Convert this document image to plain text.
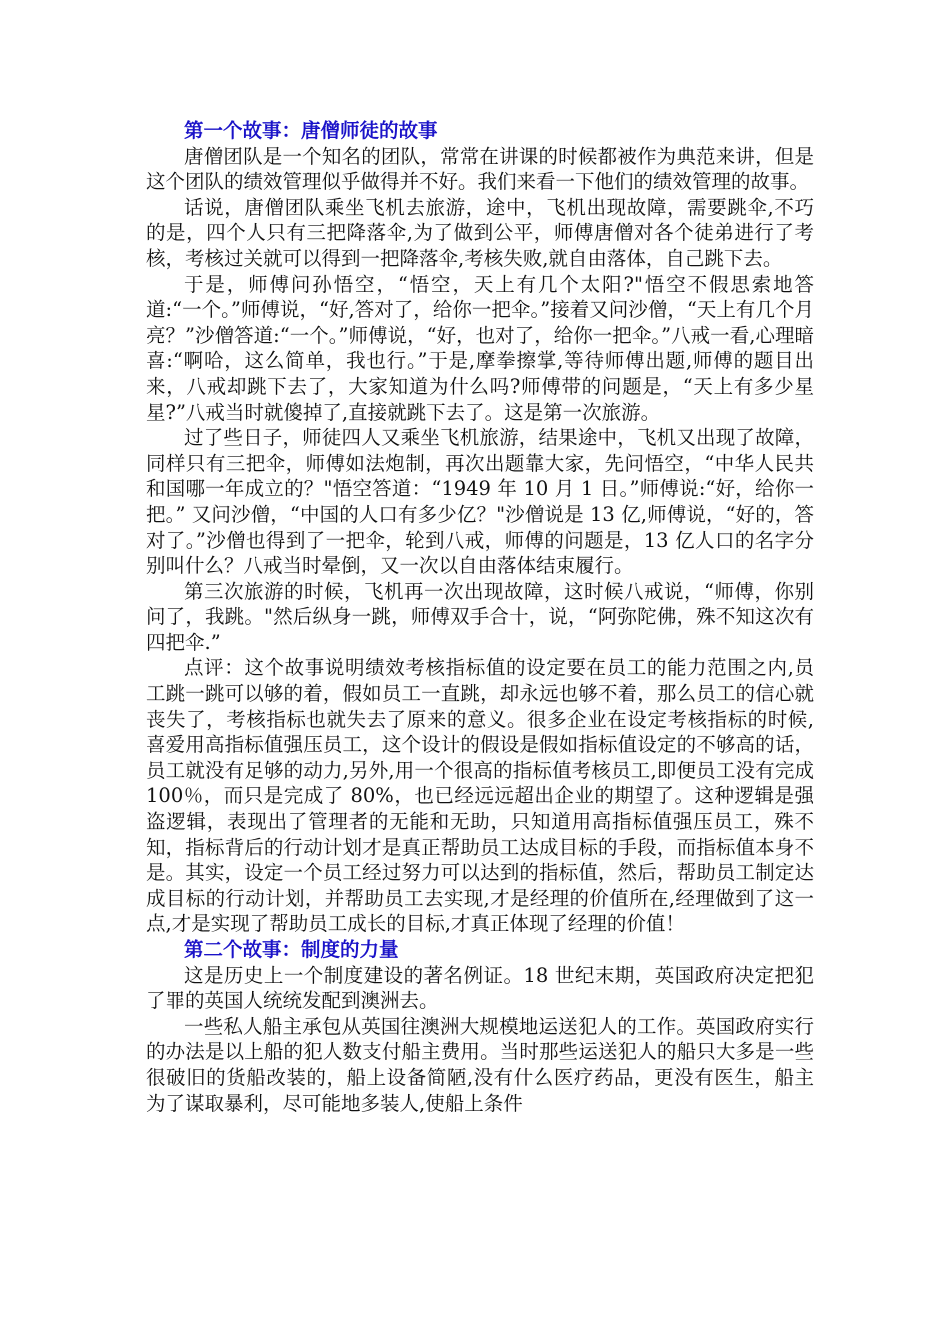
第一个故事：唐僧师徒的故事

唐僧团队是一个知名的团队，常常在讲课的时候都被作为典范来讲，但是这个团队的绩效管理似乎做得并不好。我们来看一下他们的绩效管理的故事。

话说，唐僧团队乘坐飞机去旅游，途中，飞机出现故障，需要跳伞,不巧的是，四个人只有三把降落伞,为了做到公平，师傅唐僧对各个徒弟进行了考核，考核过关就可以得到一把降落伞,考核失败,就自由落体，自己跳下去。

于是，师傅问孙悟空，“悟空，天上有几个太阳?"悟空不假思索地答道:“一个。”师傅说，“好,答对了，给你一把伞。”接着又问沙僧，“天上有几个月亮？”沙僧答道:“一个。”师傅说，“好，也对了，给你一把伞。”八戒一看,心理暗喜:“啊哈，这么简单，我也行。”于是,摩拳擦掌,等待师傅出题,师傅的题目出来，八戒却跳下去了，大家知道为什么吗?师傅带的问题是，“天上有多少星星?”八戒当时就傻掉了,直接就跳下去了。这是第一次旅游。

过了些日子，师徒四人又乘坐飞机旅游，结果途中，飞机又出现了故障，同样只有三把伞，师傅如法炮制，再次出题靠大家，先问悟空，“中华人民共和国哪一年成立的？"悟空答道：“1949 年 10 月 1 日。”师傅说:“好，给你一把。” 又问沙僧，“中国的人口有多少亿？"沙僧说是 13 亿,师傅说，“好的，答对了。”沙僧也得到了一把伞，轮到八戒，师傅的问题是，13 亿人口的名字分别叫什么？八戒当时晕倒，又一次以自由落体结束履行。

第三次旅游的时候，飞机再一次出现故障，这时候八戒说，“师傅，你别问了，我跳。"然后纵身一跳，师傅双手合十，说，“阿弥陀佛，殊不知这次有四把伞.”

点评：这个故事说明绩效考核指标值的设定要在员工的能力范围之内,员工跳一跳可以够的着，假如员工一直跳，却永远也够不着，那么员工的信心就丧失了，考核指标也就失去了原来的意义。很多企业在设定考核指标的时候,喜爱用高指标值强压员工，这个设计的假设是假如指标值设定的不够高的话，员工就没有足够的动力,另外,用一个很高的指标值考核员工,即便员工没有完成 100％，而只是完成了 80%，也已经远远超出企业的期望了。这种逻辑是强盗逻辑，表现出了管理者的无能和无助，只知道用高指标值强压员工，殊不知，指标背后的行动计划才是真正帮助员工达成目标的手段，而指标值本身不是。其实，设定一个员工经过努力可以达到的指标值，然后，帮助员工制定达成目标的行动计划，并帮助员工去实现,才是经理的价值所在,经理做到了这一点,才是实现了帮助员工成长的目标,才真正体现了经理的价值！

第二个故事：制度的力量

这是历史上一个制度建设的著名例证。18 世纪末期，英国政府决定把犯了罪的英国人统统发配到澳洲去。

一些私人船主承包从英国往澳洲大规模地运送犯人的工作。英国政府实行的办法是以上船的犯人数支付船主费用。当时那些运送犯人的船只大多是一些很破旧的货船改装的，船上设备简陋,没有什么医疗药品，更没有医生，船主为了谋取暴利，尽可能地多装人,使船上条件
